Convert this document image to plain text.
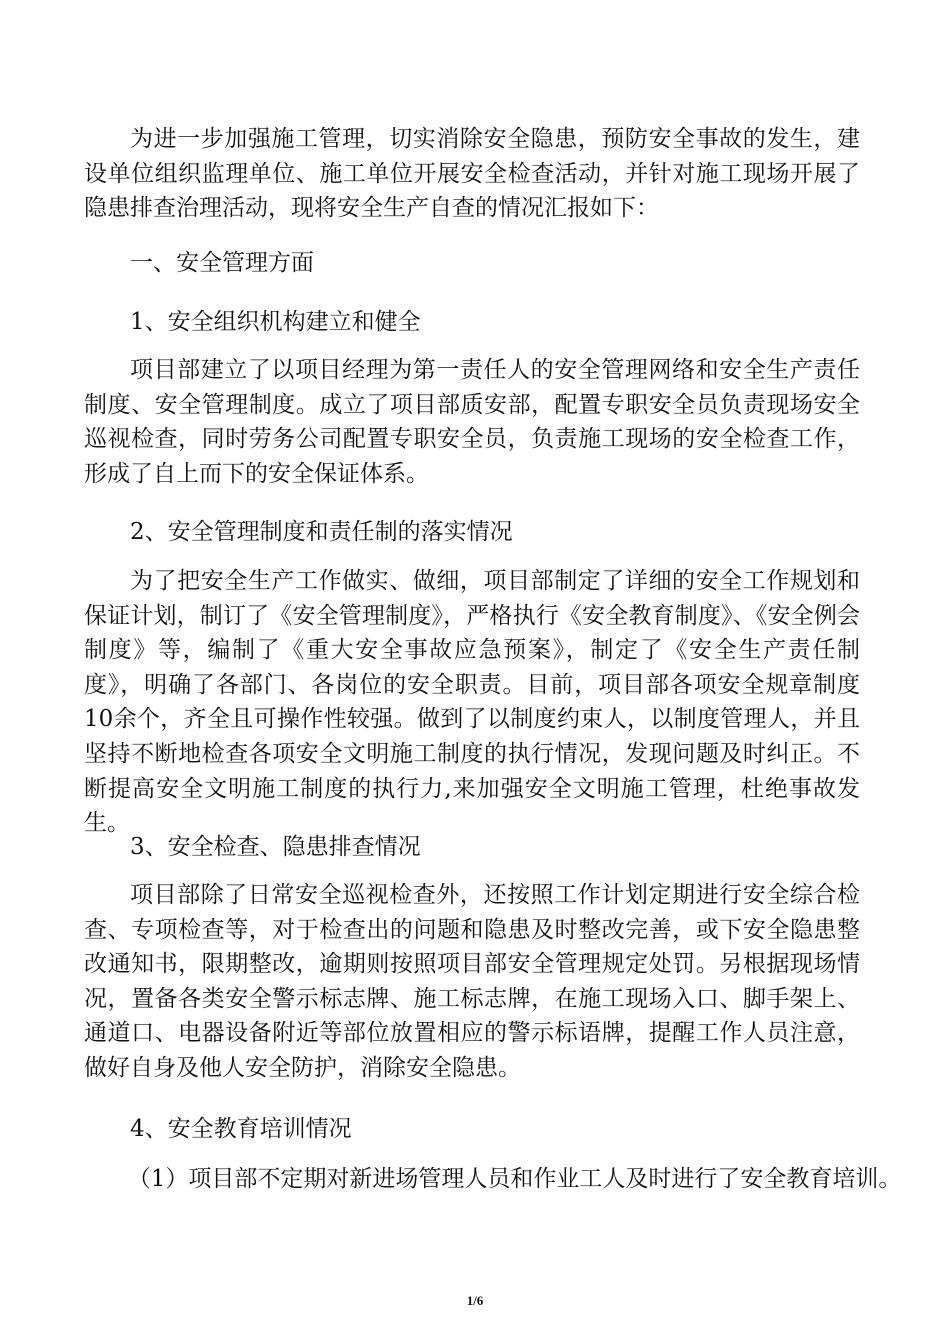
为进一步加强施工管理，切实消除安全隐患，预防安全事故的发生，建设单位组织监理单位、施工单位开展安全检查活动，并针对施工现场开展了隐患排查治理活动，现将安全生产自查的情况汇报如下：

一、安全管理方面

1、安全组织机构建立和健全

项目部建立了以项目经理为第一责任人的安全管理网络和安全生产责任制度、安全管理制度。成立了项目部质安部，配置专职安全员负责现场安全巡视检查，同时劳务公司配置专职安全员，负责施工现场的安全检查工作，形成了自上而下的安全保证体系。

2、安全管理制度和责任制的落实情况

为了把安全生产工作做实、做细，项目部制定了详细的安全工作规划和保证计划，制订了《安全管理制度》，严格执行《安全教育制度》、《安全例会制度》等，编制了《重大安全事故应急预案》，制定了《安全生产责任制度》，明确了各部门、各岗位的安全职责。目前，项目部各项安全规章制度10余个，齐全且可操作性较强。做到了以制度约束人，以制度管理人，并且坚持不断地检查各项安全文明施工制度的执行情况，发现问题及时纠正。不断提高安全文明施工制度的执行力,来加强安全文明施工管理，杜绝事故发生。

3、安全检查、隐患排查情况

项目部除了日常安全巡视检查外，还按照工作计划定期进行安全综合检查、专项检查等，对于检查出的问题和隐患及时整改完善，或下安全隐患整改通知书，限期整改，逾期则按照项目部安全管理规定处罚。另根据现场情况，置备各类安全警示标志牌、施工标志牌，在施工现场入口、脚手架上、通道口、电器设备附近等部位放置相应的警示标语牌，提醒工作人员注意，做好自身及他人安全防护，消除安全隐患。

4、安全教育培训情况

（1）项目部不定期对新进场管理人员和作业工人及时进行了安全教育培训。

1/6
